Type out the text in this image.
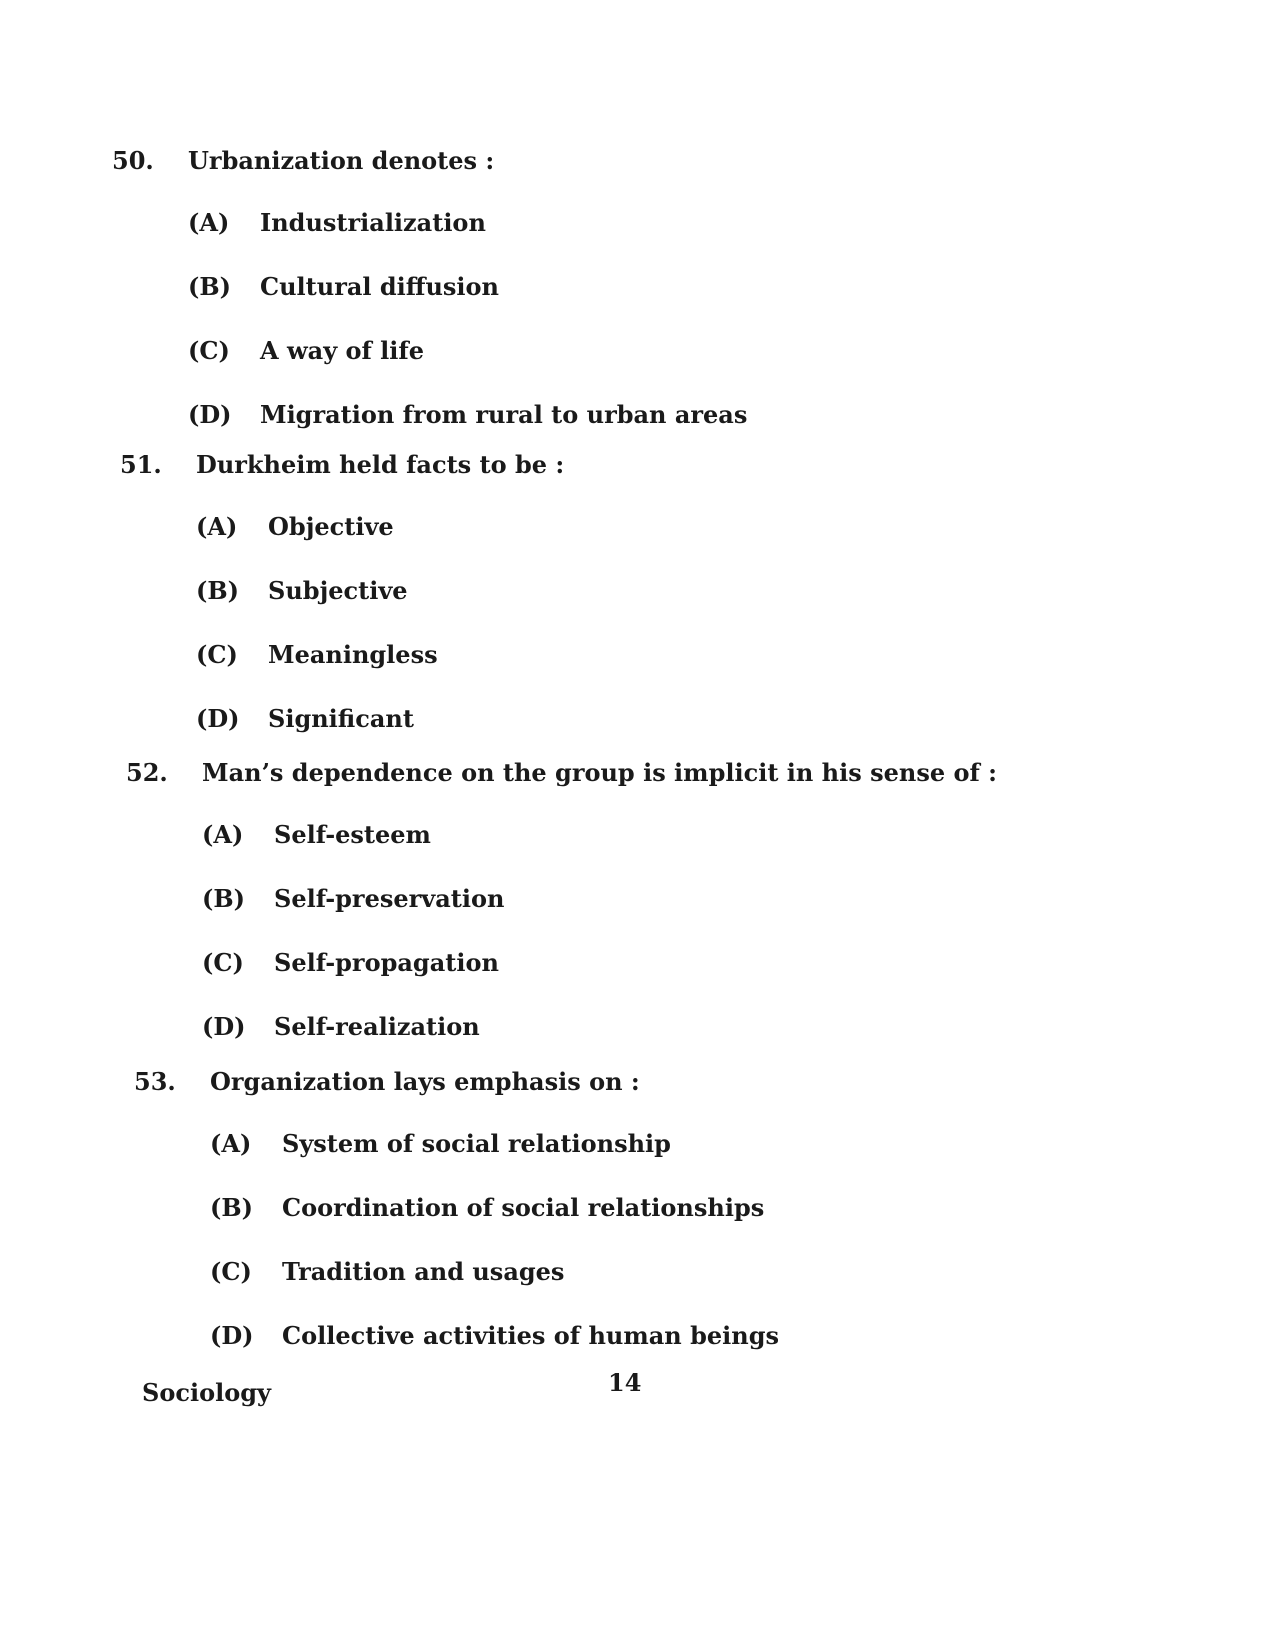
50. Urbanization denotes :
(A) Industrialization
(B) Cultural diffusion
(C) A way of life
(D) Migration from rural to urban areas
51. Durkheim held facts to be :
(A) Objective
(B) Subjective
(C) Meaningless
(D) Significant
52. Man’s dependence on the group is implicit in his sense of :
(A) Self-esteem
(B) Self-preservation
(C) Self-propagation
(D) Self-realization
53. Organization lays emphasis on :
(A) System of social relationship
(B) Coordination of social relationships
(C) Tradition and usages
(D) Collective activities of human beings
Sociology	14
